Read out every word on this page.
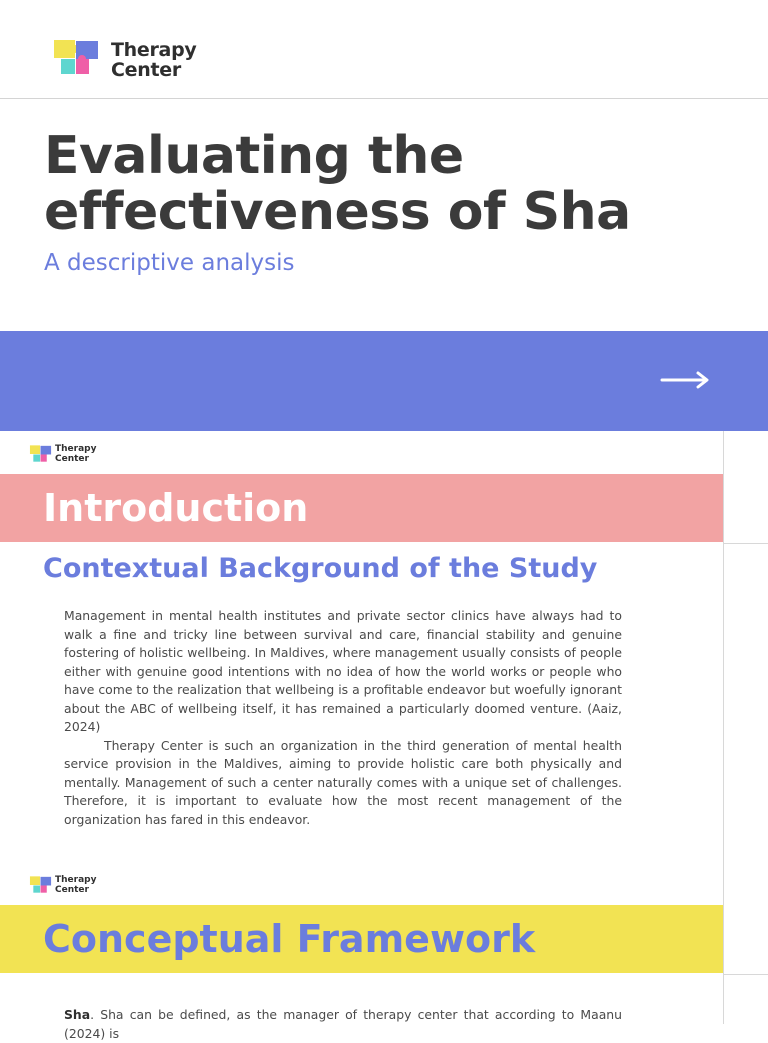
Therapy
Center
Evaluating the
effectiveness of Sha
A descriptive analysis
Therapy
Center
Introduction
Contextual Background of the Study

Management in mental health institutes and private sector clinics have always had to walk a fine and tricky line between survival and care, financial stability and genuine fostering of holistic wellbeing. In Maldives, where management usually consists of people either with genuine good intentions with no idea of how the world works or people who have come to the realization that wellbeing is a profitable endeavor but woefully ignorant about the ABC of wellbeing itself, it has remained a particularly doomed venture. (Aaiz, 2024)

Therapy Center is such an organization in the third generation of mental health service provision in the Maldives, aiming to provide holistic care both physically and mentally. Management of such a center naturally comes with a unique set of challenges. Therefore, it is important to evaluate how the most recent management of the organization has fared in this endeavor.

Therapy
Center
Conceptual Framework

Sha. Sha can be defined, as the manager of therapy center that according to Maanu (2024) is
